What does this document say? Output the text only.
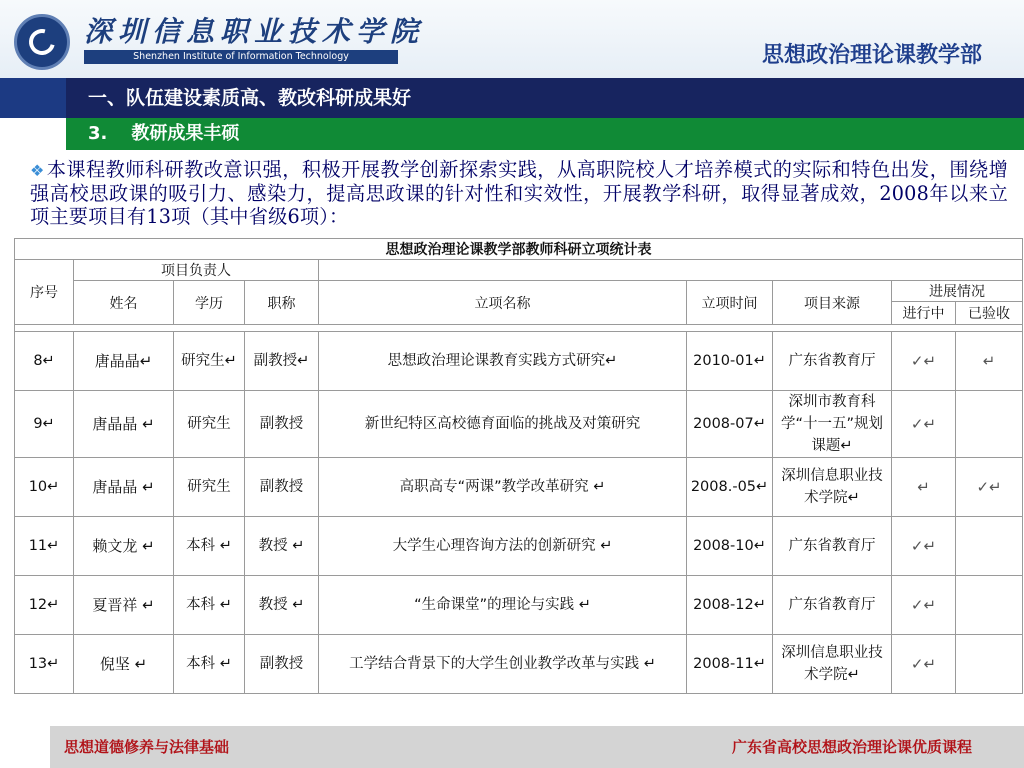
深圳信息职业技术学院
Shenzhen Institute of Information Technology	思想政治理论课教学部
一、队伍建设素质高、教改科研成果好
3. 教研成果丰硕
❖ 本课程教师科研教改意识强，积极开展教学创新探索实践，从高职院校人才培养模式的实际和特色出发，围绕增强高校思政课的吸引力、感染力，提高思政课的针对性和实效性，开展教学科研，取得显著成效，2008年以来立项主要项目有13项（其中省级6项）：
思想政治理论课教学部教师科研立项统计表								
序号	项目负责人							
	姓名	学历	职称	立项名称	立项时间	项目来源	进展情况	
							进行中	已验收

8↵	唐晶晶↵	研究生↵	副教授↵	思想政治理论课教育实践方式研究↵	2010-01↵	广东省教育厅	✓↵	↵
9↵	唐晶晶 ↵	研究生	副教授	新世纪特区高校德育面临的挑战及对策研究	2008-07↵	深圳市教育科学“十一五”规划课题↵	✓↵	
10↵	唐晶晶 ↵	研究生	副教授	高职高专“两课”教学改革研究 ↵	2008.-05↵	深圳信息职业技术学院↵	↵	✓↵
11↵	赖文龙 ↵	本科 ↵	教授 ↵	大学生心理咨询方法的创新研究 ↵	2008-10↵	广东省教育厅	✓↵	
12↵	夏晋祥 ↵	本科 ↵	教授 ↵	“生命课堂”的理论与实践 ↵	2008-12↵	广东省教育厅	✓↵	
13↵	倪坚 ↵	本科 ↵	副教授	工学结合背景下的大学生创业教学改革与实践 ↵	2008-11↵	深圳信息职业技术学院↵	✓↵	
思想道德修养与法律基础	广东省高校思想政治理论课优质课程
